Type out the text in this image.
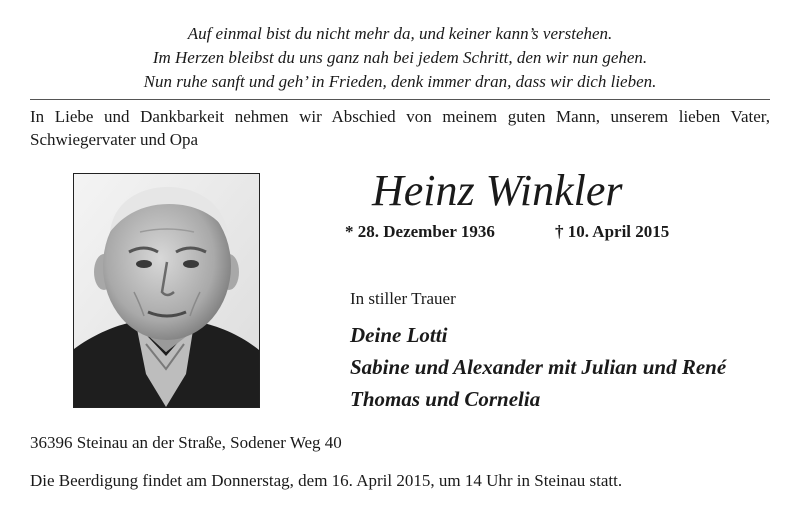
Auf einmal bist du nicht mehr da, und keiner kann’s verstehen.
Im Herzen bleibst du uns ganz nah bei jedem Schritt, den wir nun gehen.
Nun ruhe sanft und geh’ in Frieden, denk immer dran, dass wir dich lieben.
In Liebe und Dankbarkeit nehmen wir Abschied von meinem guten Mann, unserem lieben Vater, Schwiegervater und Opa
Heinz Winkler
* 28. Dezember 1936	† 10. April 2015
In stiller Trauer
Deine Lotti
Sabine und Alexander mit Julian und René
Thomas und Cornelia
36396 Steinau an der Straße, Sodener Weg 40
Die Beerdigung findet am Donnerstag, dem 16. April 2015, um 14 Uhr in Steinau statt.
